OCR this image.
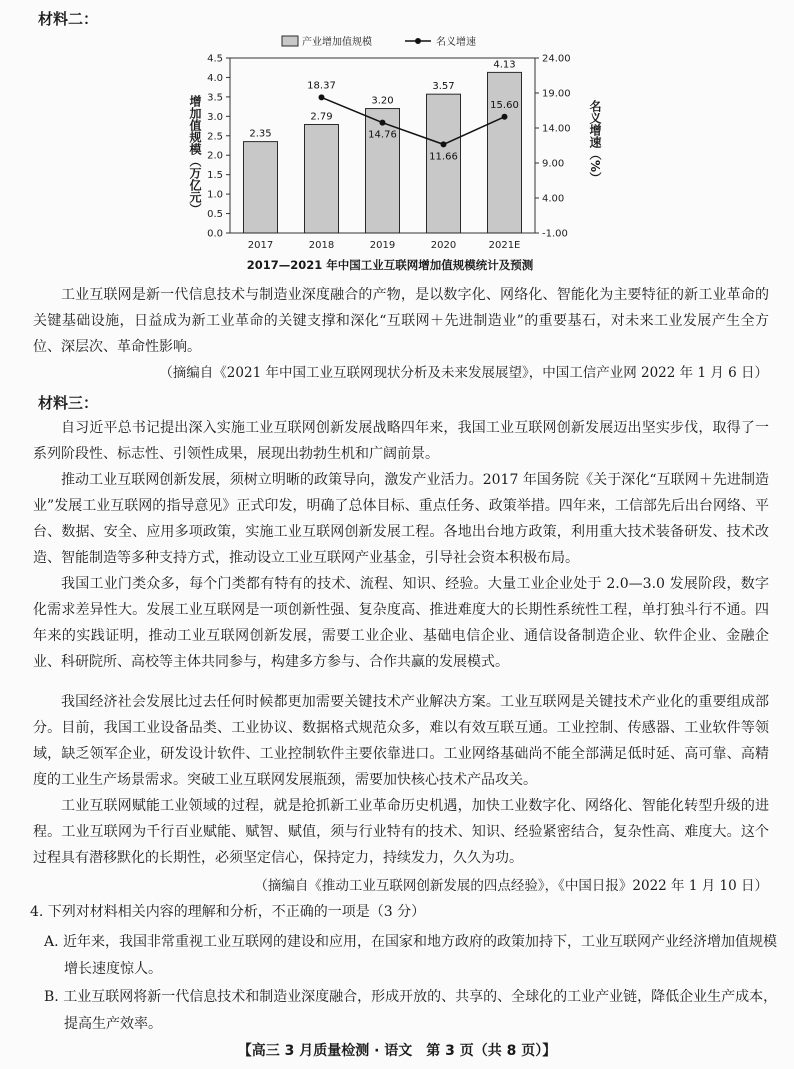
材料二：
0.0
0.5
1.0
1.5
2.0
2.5
3.0
3.5
4.0
4.5
-1.00
4.00
9.00
14.00
19.00
24.00
2.35
2017
2.79
2018
3.20
2019
3.57
2020
4.13
2021E
18.37
14.76
11.66
15.60
产业增加值规模	名义增速
增加值规模（万亿元）	名义增速（%）
2017—2021 年中国工业互联网增加值规模统计及预测

工业互联网是新一代信息技术与制造业深度融合的产物，是以数字化、网络化、智能化为主要特征的新工业革命的关键基础设施，日益成为新工业革命的关键支撑和深化“互联网＋先进制造业”的重要基石，对未来工业发展产生全方位、深层次、革命性影响。

（摘编自《2021 年中国工业互联网现状分析及未来发展展望》，中国工信产业网 2022 年 1 月 6 日）

材料三：

自习近平总书记提出深入实施工业互联网创新发展战略四年来，我国工业互联网创新发展迈出坚实步伐，取得了一系列阶段性、标志性、引领性成果，展现出勃勃生机和广阔前景。

推动工业互联网创新发展，须树立明晰的政策导向，激发产业活力。2017 年国务院《关于深化“互联网＋先进制造业”发展工业互联网的指导意见》正式印发，明确了总体目标、重点任务、政策举措。四年来，工信部先后出台网络、平台、数据、安全、应用多项政策，实施工业互联网创新发展工程。各地出台地方政策，利用重大技术装备研发、技术改造、智能制造等多种支持方式，推动设立工业互联网产业基金，引导社会资本积极布局。

我国工业门类众多，每个门类都有特有的技术、流程、知识、经验。大量工业企业处于 2.0—3.0 发展阶段，数字化需求差异性大。发展工业互联网是一项创新性强、复杂度高、推进难度大的长期性系统性工程，单打独斗行不通。四年来的实践证明，推动工业互联网创新发展，需要工业企业、基础电信企业、通信设备制造企业、软件企业、金融企业、科研院所、高校等主体共同参与，构建多方参与、合作共赢的发展模式。

我国经济社会发展比过去任何时候都更加需要关键技术产业解决方案。工业互联网是关键技术产业化的重要组成部分。目前，我国工业设备品类、工业协议、数据格式规范众多，难以有效互联互通。工业控制、传感器、工业软件等领域，缺乏领军企业，研发设计软件、工业控制软件主要依靠进口。工业网络基础尚不能全部满足低时延、高可靠、高精度的工业生产场景需求。突破工业互联网发展瓶颈，需要加快核心技术产品攻关。

工业互联网赋能工业领域的过程，就是抢抓新工业革命历史机遇，加快工业数字化、网络化、智能化转型升级的进程。工业互联网为千行百业赋能、赋智、赋值，须与行业特有的技术、知识、经验紧密结合，复杂性高、难度大。这个过程具有潜移默化的长期性，必须坚定信心，保持定力，持续发力，久久为功。

（摘编自《推动工业互联网创新发展的四点经验》，《中国日报》2022 年 1 月 10 日）

4. 下列对材料相关内容的理解和分析，不正确的一项是（3 分）

A. 近年来，我国非常重视工业互联网的建设和应用，在国家和地方政府的政策加持下，工业互联网产业经济增加值规模增长速度惊人。

B. 工业互联网将新一代信息技术和制造业深度融合，形成开放的、共享的、全球化的工业产业链，降低企业生产成本，提高生产效率。

【高三 3 月质量检测 · 语文　第 3 页（共 8 页）】
